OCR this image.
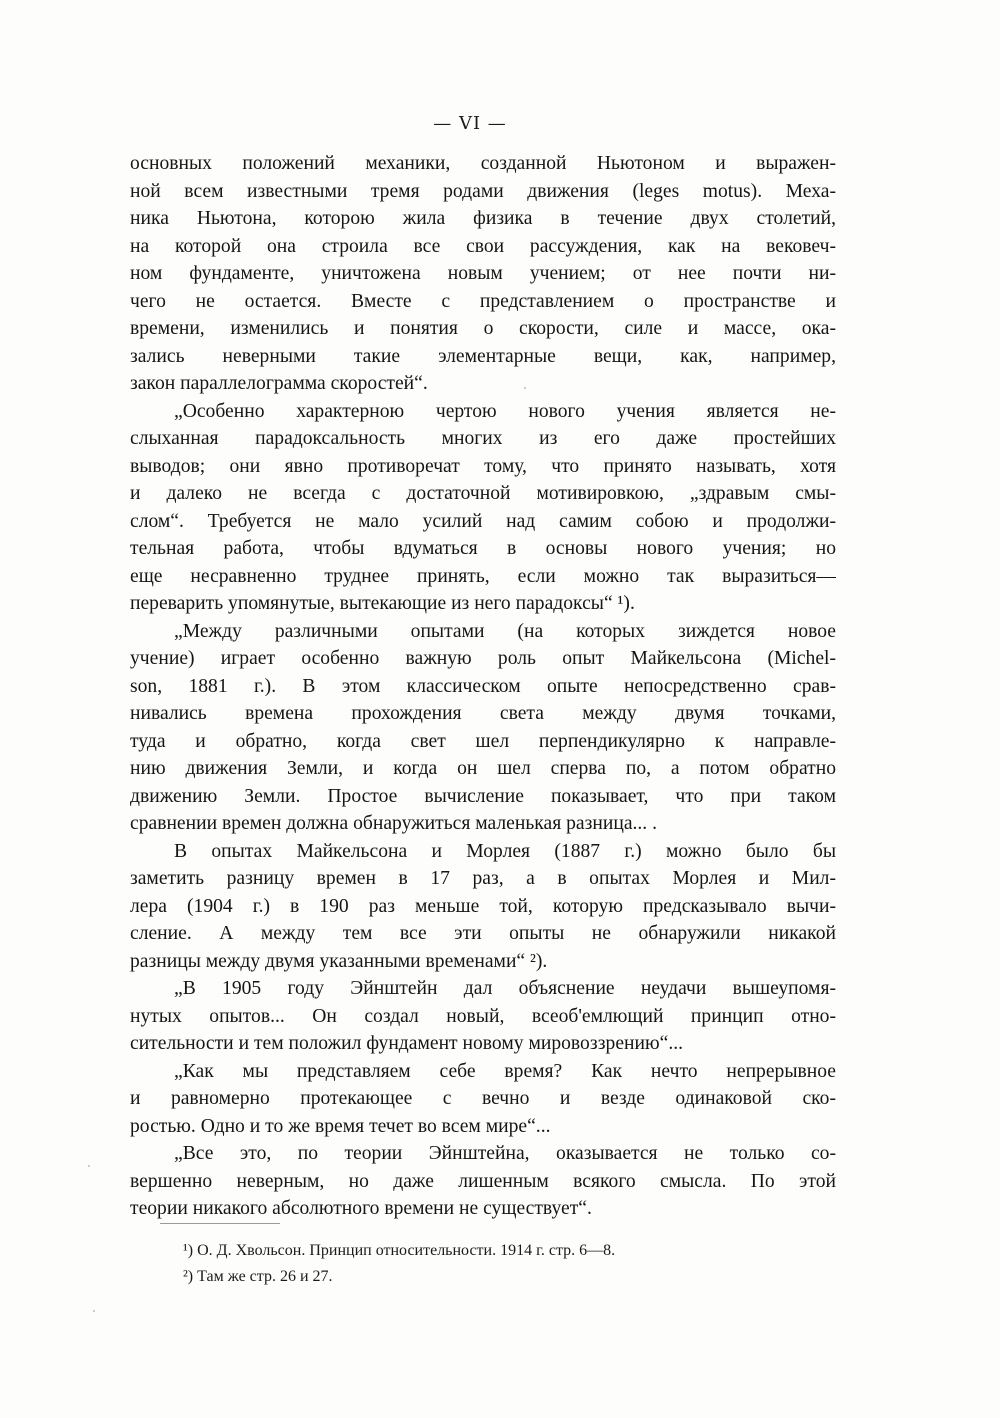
— VI —
основных положений механики, созданной Ньютоном и выражен-
ной всем известными тремя родами движения (leges motus). Меха-
ника Ньютона, которою жила физика в течение двух столетий,
на которой она строила все свои рассуждения, как на вековеч-
ном фундаменте, уничтожена новым учением; от нее почти ни-
чего не остается. Вместе с представлением о пространстве и
времени, изменились и понятия о скорости, силе и массе, ока-
зались неверными такие элементарные вещи, как, например,
закон параллелограмма скоростей“.
„Особенно характерною чертою нового учения является не-
слыханная парадоксальность многих из его даже простейших
выводов; они явно противоречат тому, что принято называть, хотя
и далеко не всегда с достаточной мотивировкою, „здравым смы-
слом“. Требуется не мало усилий над самим собою и продолжи-
тельная работа, чтобы вдуматься в основы нового учения; но
еще несравненно труднее принять, если можно так выразиться—
переварить упомянутые, вытекающие из него парадоксы“ ¹).
„Между различными опытами (на которых зиждется новое
учение) играет особенно важную роль опыт Майкельсона (Michel-
son, 1881 г.). В этом классическом опыте непосредственно срав-
нивались времена прохождения света между двумя точками,
туда и обратно, когда свет шел перпендикулярно к направле-
нию движения Земли, и когда он шел сперва по, а потом обратно
движению Земли. Простое вычисление показывает, что при таком
сравнении времен должна обнаружиться маленькая разница... .
В опытах Майкельсона и Морлея (1887 г.) можно было бы
заметить разницу времен в 17 раз, а в опытах Морлея и Мил-
лера (1904 г.) в 190 раз меньше той, которую предсказывало вычи-
сление. А между тем все эти опыты не обнаружили никакой
разницы между двумя указанными временами“ ²).
„В 1905 году Эйнштейн дал объяснение неудачи вышеупомя-
нутых опытов... Он создал новый, всеоб'емлющий принцип отно-
сительности и тем положил фундамент новому мировоззрению“...
„Как мы представляем себе время? Как нечто непрерывное
и равномерно протекающее с вечно и везде одинаковой ско-
ростью. Одно и то же время течет во всем мире“...
„Все это, по теории Эйнштейна, оказывается не только со-
вершенно неверным, но даже лишенным всякого смысла. По этой
теории никакого абсолютного времени не существует“.
¹) О. Д. Хвольсон. Принцип относительности. 1914 г. стр. 6—8.
²) Там же стр. 26 и 27.
